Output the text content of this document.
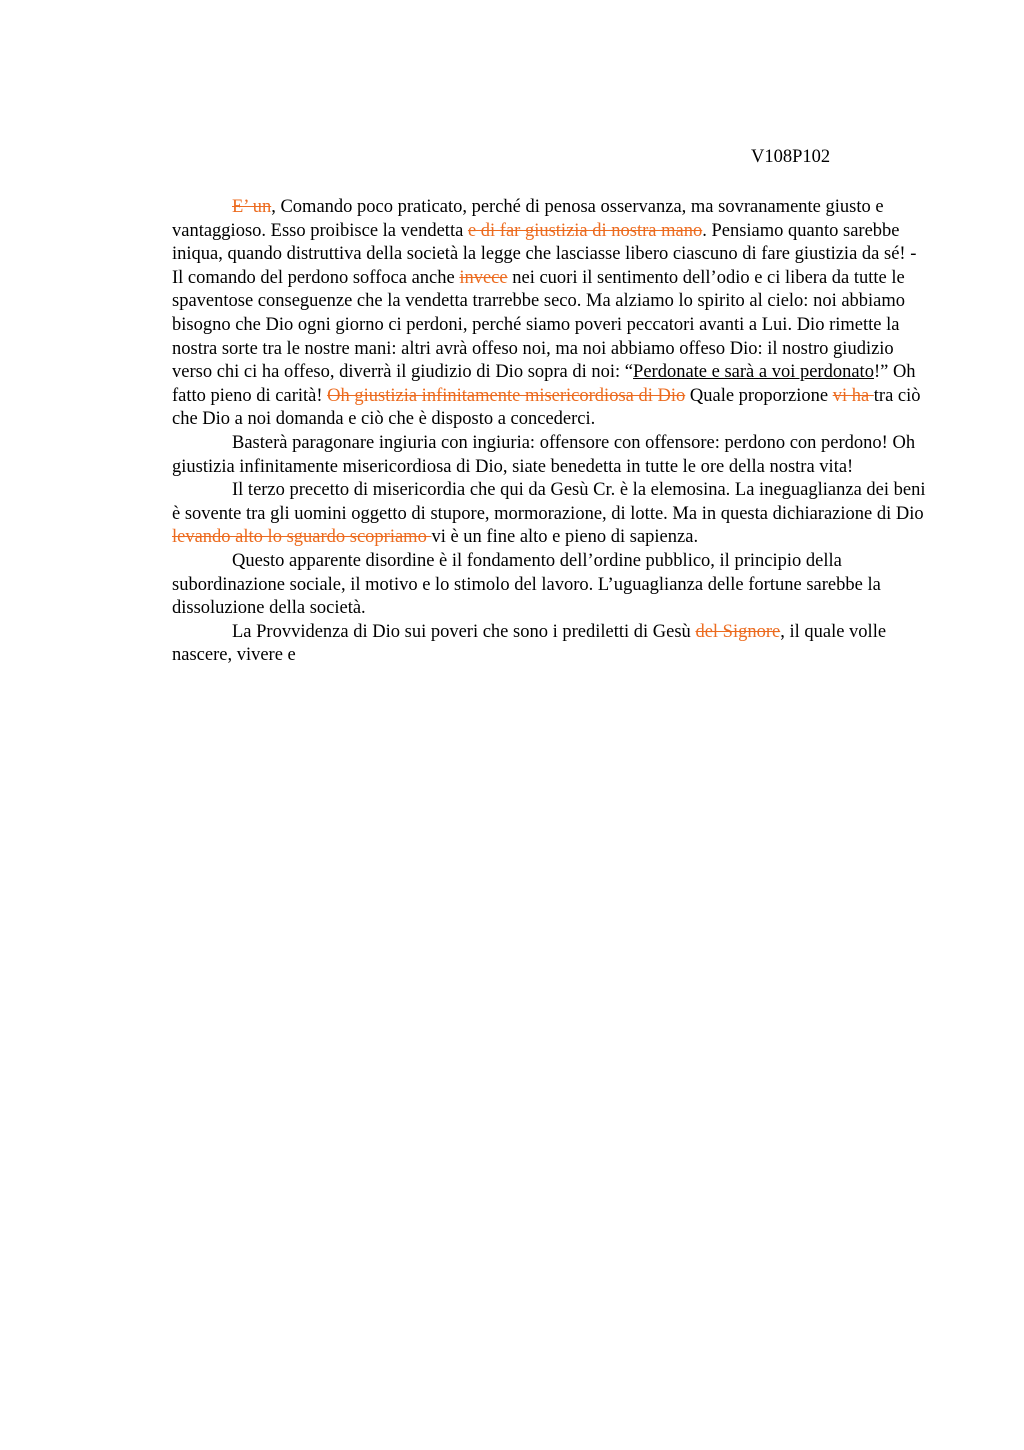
V108P102

E’ un, Comando poco praticato, perché di penosa osservanza, ma sovranamente giusto e vantaggioso. Esso proibisce la vendetta e di far giustizia di nostra mano. Pensiamo quanto sarebbe iniqua, quando distruttiva della società la legge che lasciasse libero ciascuno di fare giustizia da sé! - Il comando del perdono soffoca anche invece nei cuori il sentimento dell’odio e ci libera da tutte le spaventose conseguenze che la vendetta trarrebbe seco. Ma alziamo lo spirito al cielo: noi abbiamo bisogno che Dio ogni giorno ci perdoni, perché siamo poveri peccatori avanti a Lui. Dio rimette la nostra sorte tra le nostre mani: altri avrà offeso noi, ma noi abbiamo offeso Dio: il nostro giudizio verso chi ci ha offeso, diverrà il giudizio di Dio sopra di noi: “Perdonate e sarà a voi perdonato!” Oh fatto pieno di carità! Oh giustizia infinitamente misericordiosa di Dio Quale proporzione vi ha tra ciò che Dio a noi domanda e ciò che è disposto a concederci.

Basterà paragonare ingiuria con ingiuria: offensore con offensore: perdono con perdono! Oh giustizia infinitamente misericordiosa di Dio, siate benedetta in tutte le ore della nostra vita!

Il terzo precetto di misericordia che qui da Gesù Cr. è la elemosina. La ineguaglianza dei beni è sovente tra gli uomini oggetto di stupore, mormorazione, di lotte. Ma in questa dichiarazione di Dio levando alto lo sguardo scopriamo vi è un fine alto e pieno di sapienza.

Questo apparente disordine è il fondamento dell’ordine pubblico, il principio della subordinazione sociale, il motivo e lo stimolo del lavoro. L’uguaglianza delle fortune sarebbe la dissoluzione della società.

La Provvidenza di Dio sui poveri che sono i prediletti di Gesù del Signore, il quale volle nascere, vivere e
